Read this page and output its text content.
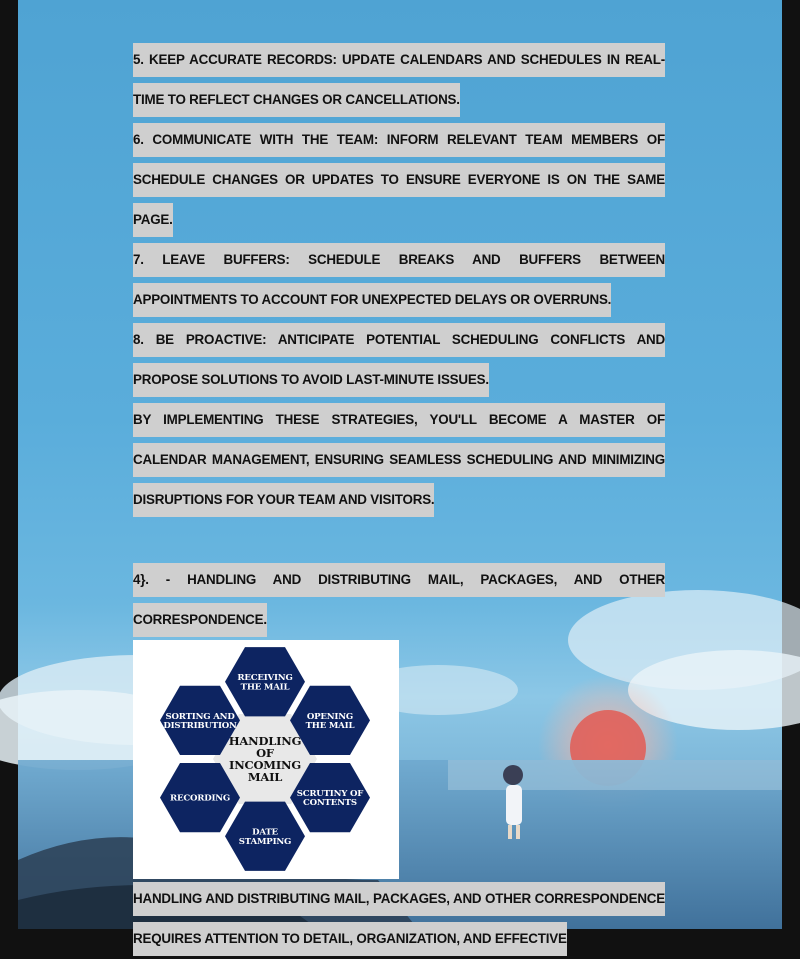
5. KEEP ACCURATE RECORDS: UPDATE CALENDARS AND SCHEDULES IN REAL-TIME TO REFLECT CHANGES OR CANCELLATIONS.

6. COMMUNICATE WITH THE TEAM: INFORM RELEVANT TEAM MEMBERS OF SCHEDULE CHANGES OR UPDATES TO ENSURE EVERYONE IS ON THE SAME PAGE.

7. LEAVE BUFFERS: SCHEDULE BREAKS AND BUFFERS BETWEEN APPOINTMENTS TO ACCOUNT FOR UNEXPECTED DELAYS OR OVERRUNS.

8. BE PROACTIVE: ANTICIPATE POTENTIAL SCHEDULING CONFLICTS AND PROPOSE SOLUTIONS TO AVOID LAST-MINUTE ISSUES.

BY IMPLEMENTING THESE STRATEGIES, YOU'LL BECOME A MASTER OF CALENDAR MANAGEMENT, ENSURING SEAMLESS SCHEDULING AND MINIMIZING DISRUPTIONS FOR YOUR TEAM AND VISITORS.

4}. - HANDLING AND DISTRIBUTING MAIL, PACKAGES, AND OTHER CORRESPONDENCE.

HANDLING OF INCOMING MAIL
RECEIVING THE MAIL
OPENING THE MAIL
SCRUTINY OF CONTENTS
DATE STAMPING
RECORDING
SORTING AND DISTRIBUTION

HANDLING AND DISTRIBUTING MAIL, PACKAGES, AND OTHER CORRESPONDENCE REQUIRES ATTENTION TO DETAIL, ORGANIZATION, AND EFFECTIVE
